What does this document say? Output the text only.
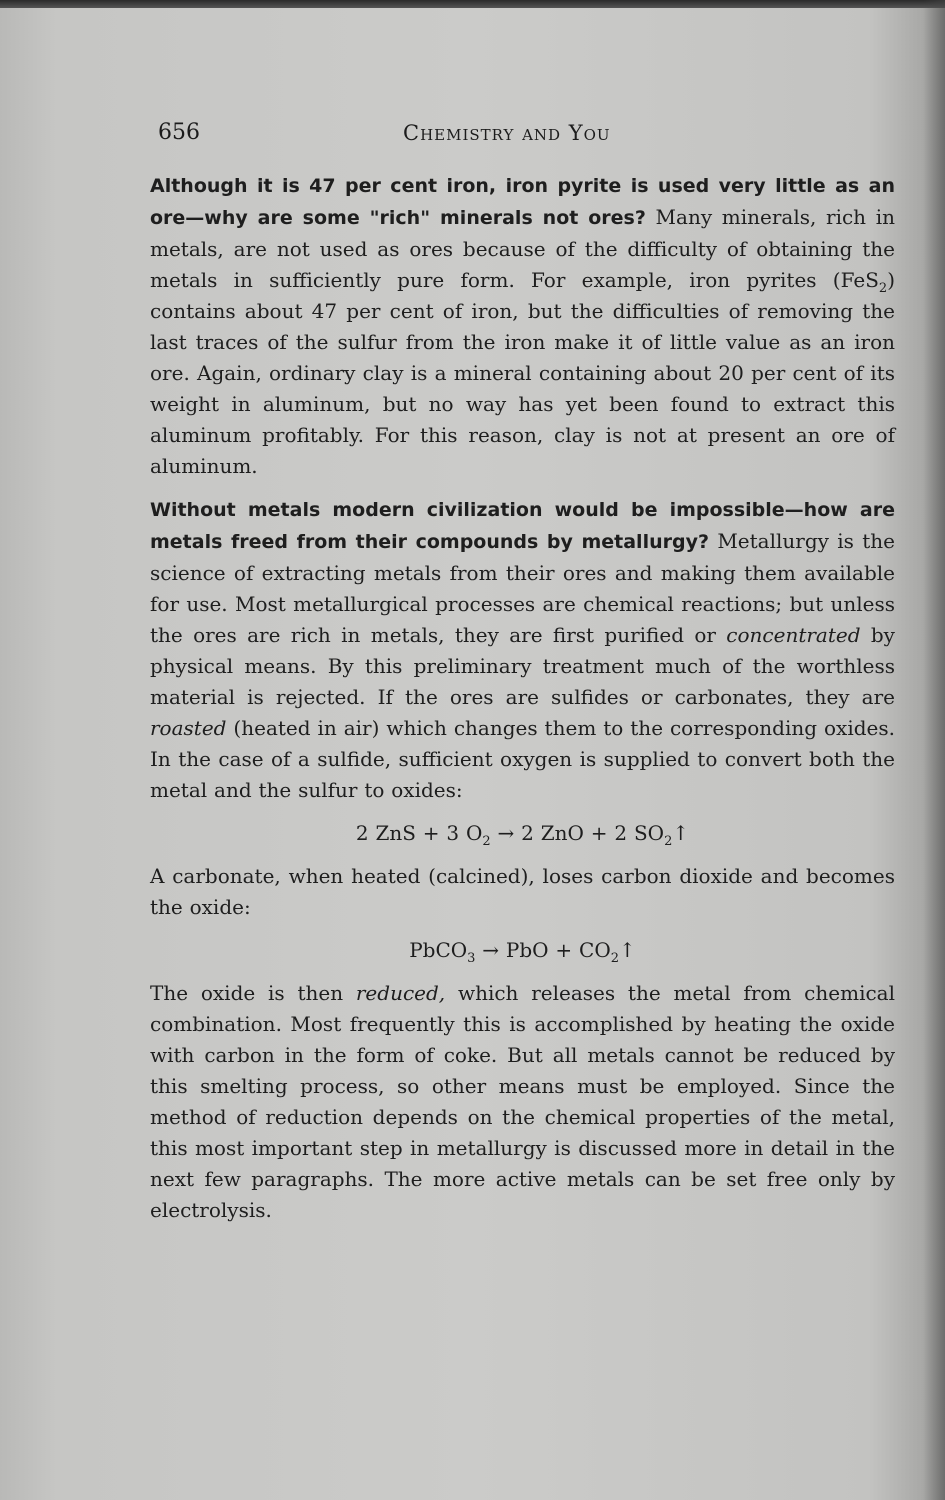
656	Chemistry and You

Although it is 47 per cent iron, iron pyrite is used very little as an ore—why are some "rich" minerals not ores? Many minerals, rich in metals, are not used as ores because of the difficulty of obtaining the metals in sufficiently pure form. For example, iron pyrites (FeS$_2$) contains about 47 per cent of iron, but the difficulties of removing the last traces of the sulfur from the iron make it of little value as an iron ore. Again, ordinary clay is a mineral containing about 20 per cent of its weight in aluminum, but no way has yet been found to extract this aluminum profitably. For this reason, clay is not at present an ore of aluminum.

Without metals modern civilization would be impossible—how are metals freed from their compounds by metallurgy? Metallurgy is the science of extracting metals from their ores and making them available for use. Most metallurgical processes are chemical reactions; but unless the ores are rich in metals, they are first purified or concentrated by physical means. By this preliminary treatment much of the worthless material is rejected. If the ores are sulfides or carbonates, they are roasted (heated in air) which changes them to the corresponding oxides. In the case of a sulfide, sufficient oxygen is supplied to convert both the metal and the sulfur to oxides:

2 ZnS + 3 $O_2 \to 2$ ZnO + 2 $SO_2↑$

A carbonate, when heated (calcined), loses carbon dioxide and becomes the oxide:

PbCO$_3$ → PbO + $CO_2↑$

The oxide is then reduced, which releases the metal from chemical combination. Most frequently this is accomplished by heating the oxide with carbon in the form of coke. But all metals cannot be reduced by this smelting process, so other means must be employed. Since the method of reduction depends on the chemical properties of the metal, this most important step in metallurgy is discussed more in detail in the next few paragraphs. The more active metals can be set free only by electrolysis.
